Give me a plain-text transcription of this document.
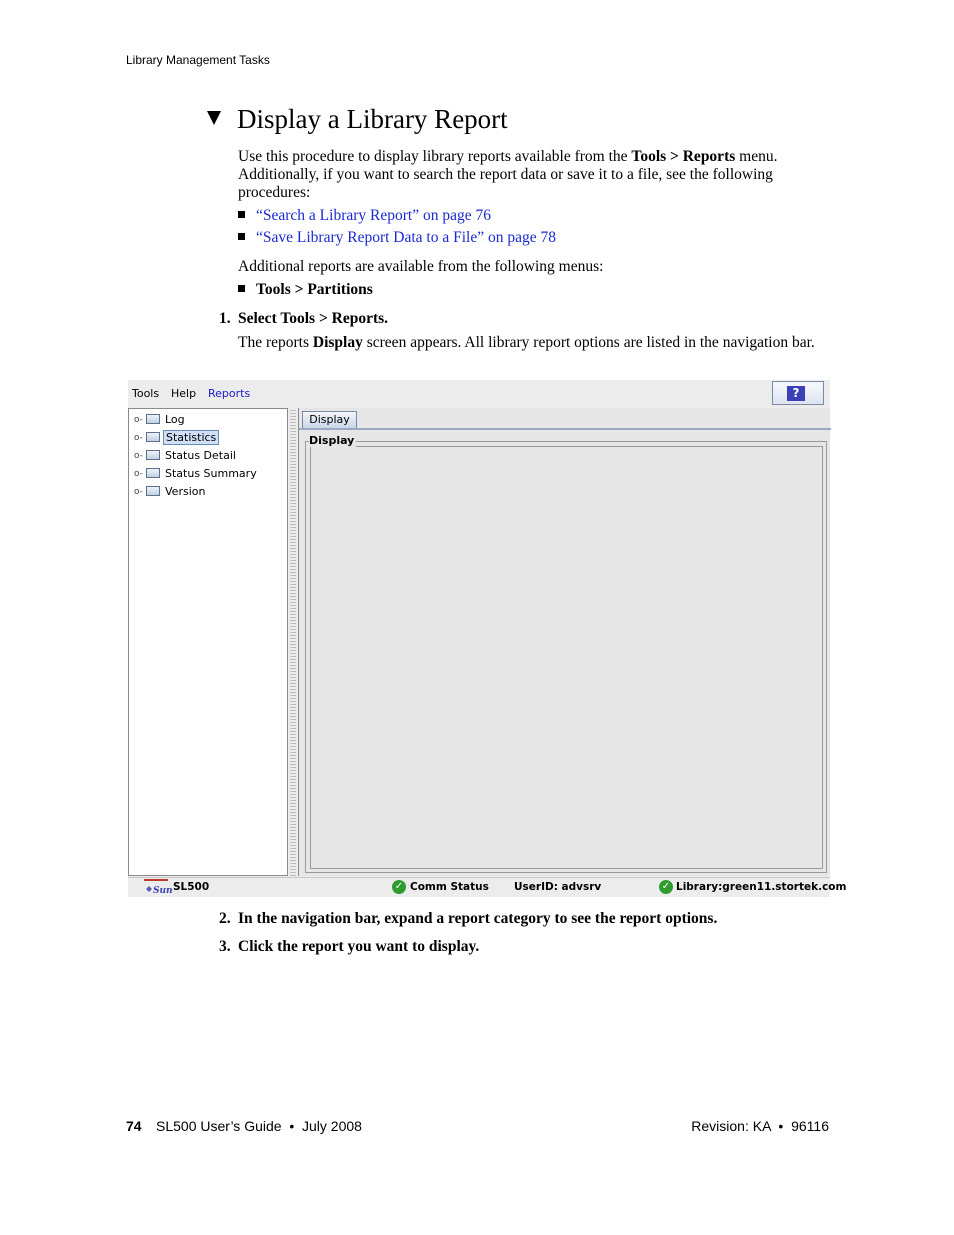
Library Management Tasks
Display a Library Report
Use this procedure to display library reports available from the Tools > Reports menu. Additionally, if you want to search the report data or save it to a file, see the following procedures:
“Search a Library Report” on page 76
“Save Library Report Data to a File” on page 78
Additional reports are available from the following menus:
Tools > Partitions
1. Select Tools > Reports.
The reports Display screen appears. All library report options are listed in the navigation bar.
Tools Help Reports	?
o- Log
o- Statistics
o- Status Detail
o- Status Summary
o- Version
Display
Display
Sun SL500	✓ Comm Status UserID: advsrv	✓ Library:green11.stortek.com
2. In the navigation bar, expand a report category to see the report options.
3. Click the report you want to display.
74 SL500 User’s Guide  •  July 2008	Revision: KA  •  96116
